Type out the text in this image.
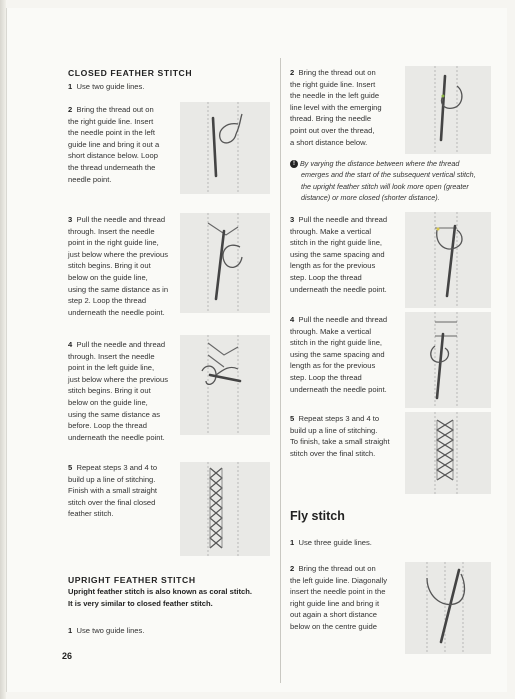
CLOSED FEATHER STITCH
1 Use two guide lines.
2 Bring the thread out on
the right guide line. Insert
the needle point in the left
guide line and bring it out a
short distance below. Loop
the thread underneath the
needle point.
3 Pull the needle and thread
through. Insert the needle
point in the right guide line,
just below where the previous
stitch begins. Bring it out
below on the guide line,
using the same distance as in
step 2. Loop the thread
underneath the needle point.
4 Pull the needle and thread
through. Insert the needle
point in the left guide line,
just below where the previous
stitch begins. Bring it out
below on the guide line,
using the same distance as
before. Loop the thread
underneath the needle point.
5 Repeat steps 3 and 4 to
build up a line of stitching.
Finish with a small straight
stitch over the final closed
feather stitch.
UPRIGHT FEATHER STITCH
Upright feather stitch is also known as coral stitch.
It is very similar to closed feather stitch.
1 Use two guide lines.
26
2 Bring the thread out on
the right guide line. Insert
the needle in the left guide
line level with the emerging
thread. Bring the needle
point out over the thread,
a short distance below.
! By varying the distance between where the thread
emerges and the start of the subsequent vertical stitch,
the upright feather stitch will look more open (greater
distance) or more closed (shorter distance).
3 Pull the needle and thread
through. Make a vertical
stitch in the right guide line,
using the same spacing and
length as for the previous
step. Loop the thread
underneath the needle point.
4 Pull the needle and thread
through. Make a vertical
stitch in the right guide line,
using the same spacing and
length as for the previous
step. Loop the thread
underneath the needle point.
5 Repeat steps 3 and 4 to
build up a line of stitching.
To finish, take a small straight
stitch over the final stitch.
Fly stitch
1 Use three guide lines.
2 Bring the thread out on
the left guide line. Diagonally
insert the needle point in the
right guide line and bring it
out again a short distance
below on the centre guide
